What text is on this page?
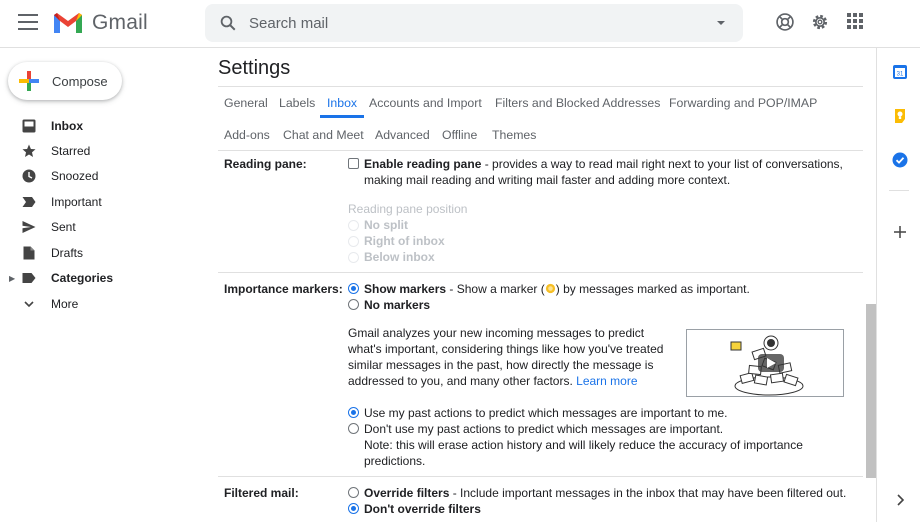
Gmail	Search mail
Compose
Inbox
Starred
Snoozed
Important
Sent
Drafts
▶	Categories
More
Settings
General Labels Inbox Accounts and Import Filters and Blocked Addresses Forwarding and POP/IMAP
Add-ons Chat and Meet Advanced Offline Themes
Reading pane:	Enable reading pane - provides a way to read mail right next to your list of conversations,
making mail reading and writing mail faster and adding more context.
Reading pane position
No split
Right of inbox
Below inbox
Importance markers: Show markers - Show a marker ( ) by messages marked as important.
No markers
Gmail analyzes your new incoming messages to predict
what's important, considering things like how you've treated
similar messages in the past, how directly the message is
addressed to you, and many other factors. Learn more
Use my past actions to predict which messages are important to me.
Don't use my past actions to predict which messages are important.
Note: this will erase action history and will likely reduce the accuracy of importance
predictions.
Filtered mail:	Override filters - Include important messages in the inbox that may have been filtered out.
Don't override filters
31
